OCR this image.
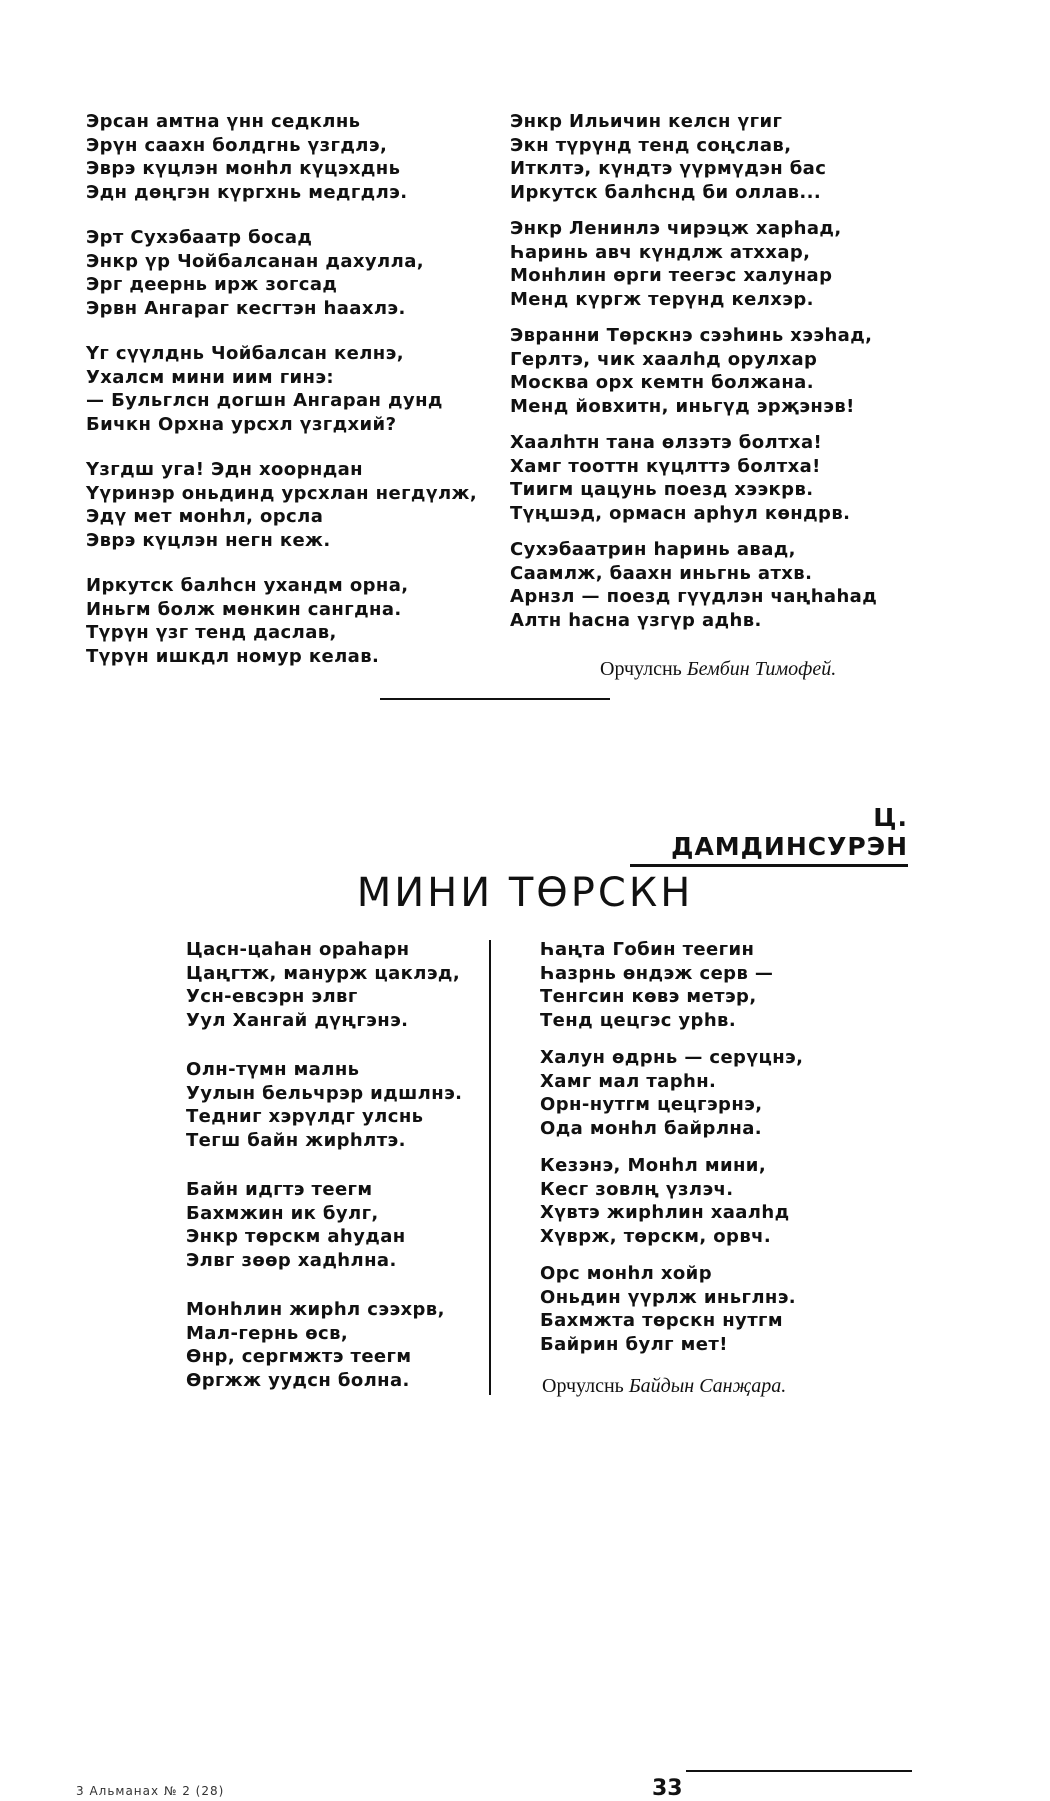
Эрсан амтна үнн седклнь
Эрүн саахн болдгнь үзгдлэ,
Эврэ күцлэн монһл күцэхднь
Эдн дөңгэн күргхнь медгдлэ.
Эрт Сухэбаатр босад
Энкр үр Чойбалсанан дахулла,
Эрг деернь ирж зогсад
Эрвн Ангараг кесгтэн һаахлэ.
Үг сүүлднь Чойбалсан келнэ,
Ухалсм мини иим гинэ:
— Бульглсн догшн Ангаран дунд
Бичкн Орхна урсхл үзгдхий?
Үзгдш уга! Эдн хоорндан
Үүринэр оньдинд урсхлан негдүлж,
Эдү мет монһл, орсла
Эврэ күцлэн негн кеж.
Иркутск балһсн ухандм орна,
Иньгм болж мөнкин сангдна.
Түрүн үзг тенд даслав,
Түрүн ишкдл номур келав.
Энкр Ильичин келсн үгиг
Экн түрүнд тенд соңслав,
Итклтэ, күндтэ үүрмүдэн бас
Иркутск балһснд би оллав...
Энкр Ленинлэ чирэцж харһад,
Һаринь авч күндлж атххар,
Монһлин өрги теегэс халунар
Менд күргж терүнд келхэр.
Эвранни Төрскнэ сээһинь хээһад,
Герлтэ, чик хаалһд орулхар
Москва орх кемтн болжана.
Менд йовхитн, иньгүд эрҗэнэв!
Хаалһтн тана өлзэтэ болтха!
Хамг тооттн күцлттэ болтха!
Тиигм цацунь поезд хээкрв.
Түңшэд, ормасн арһул көндрв.
Сухэбаатрин һаринь авад,
Саамлж, баахн иньгнь атхв.
Арнзл — поезд гүүдлэн чаңһаһад
Алтн һасна үзгүр адһв.
Орчулснь Бембин Тимофей.
Ц. ДАМДИНСУРЭН
МИНИ ТӨРСКН
Цасн-цаһан ораһарн
Цаңгтж, манурж цаклэд,
Усн-евсэрн элвг
Уул Хангай дүңгэнэ.
Олн-түмн малнь
Уулын бельчрэр идшлнэ.
Тедниг хэрүлдг улснь
Тегш байн жирһлтэ.
Байн идгтэ теегм
Бахмжин ик булг,
Энкр төрскм аһудан
Элвг зөөр хадһлна.
Монһлин жирһл сээхрв,
Мал-гернь өсв,
Өнр, сергмжтэ теегм
Өргжж уудсн болна.
Һаңта Гобин теегин
Һазрнь өндэж серв —
Тенгсин көвэ метэр,
Тенд цецгэс урһв.
Халун өдрнь — серүцнэ,
Хамг мал тарһн.
Орн-нутгм цецгэрнэ,
Ода монһл байрлна.
Кезэнэ, Монһл мини,
Кесг зовлң үзлэч.
Хүвтэ жирһлин хаалһд
Хүврж, төрскм, орвч.
Орс монһл хойр
Оньдин үүрлж иньглнэ.
Бахмжта төрскн нутгм
Байрин булг мет!
Орчулснь Байдын Санҗара.
3 Альманах № 2 (28)	33
